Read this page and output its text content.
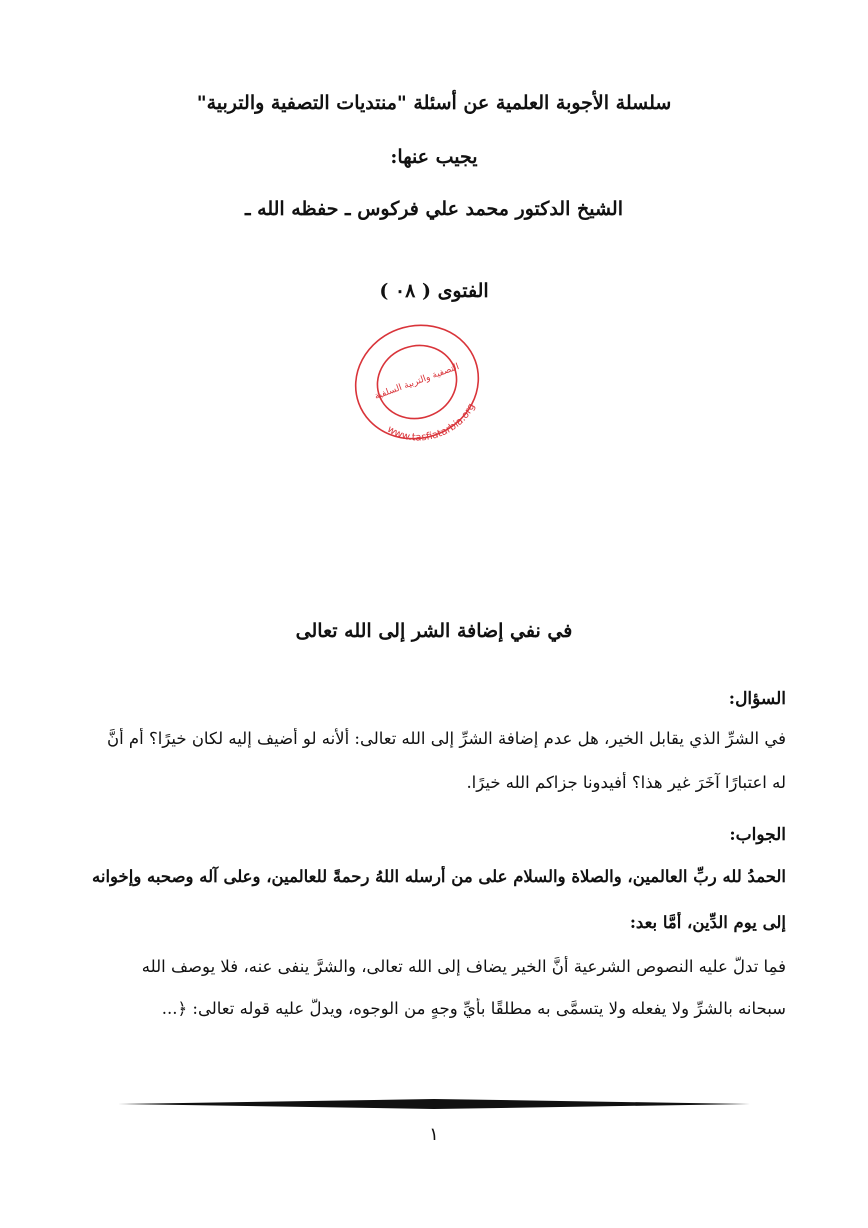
سلسلة الأجوبة العلمية عن أسئلة "منتديات التصفية والتربية"
يجيب عنها:
الشيخ الدكتور محمد علي فركوس ـ حفظه الله ـ
الفتوى ( ٠٨ )
www.tasfiatarbia.org
التصفية والتربية السلفية
في نفي إضافة الشر إلى الله تعالى
السؤال:
في الشرِّ الذي يقابل الخير، هل عدم إضافة الشرِّ إلى الله تعالى: ألأنه لو أضيف إليه لكان خيرًا؟ أم أنَّ
له اعتبارًا آخَرَ غير هذا؟ أفيدونا جزاكم الله خيرًا.
الجواب:
الحمدُ لله ربِّ العالمين، والصلاة والسلام على من أرسله اللهُ رحمةً للعالمين، وعلى آله وصحبه وإخوانه
إلى يوم الدِّين، أمَّا بعد:
فمِا تدلُّ عليه النصوص الشرعية أنَّ الخير يضاف إلى الله تعالى، والشرَّ ينفى عنه، فلا يوصف الله
سبحانه بالشرِّ ولا يفعله ولا يتسمَّى به مطلقًا بأيِّ وجهٍ من الوجوه، ويدلُّ عليه قوله تعالى: ﴿...
١
